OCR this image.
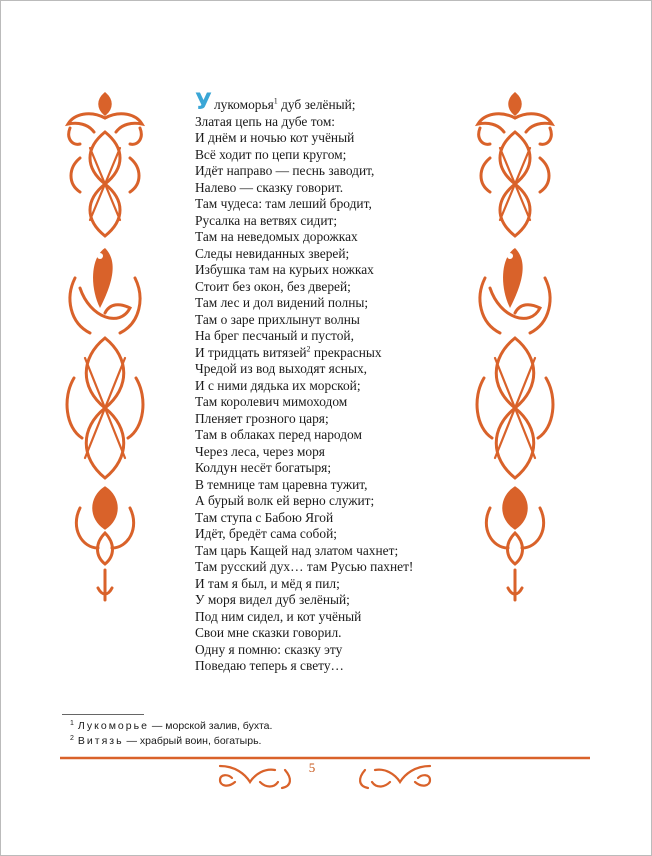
Улукоморья$^1$ дуб зелёный;
Златая цепь на дубе том:
И днём и ночью кот учёный
Всё ходит по цепи кругом;
Идёт направо — песнь заводит,
Налево — сказку говорит.
Там чудеса: там леший бродит,
Русалка на ветвях сидит;
Там на неведомых дорожках
Следы невиданных зверей;
Избушка там на курьих ножках
Стоит без окон, без дверей;
Там лес и дол видений полны;
Там о заре прихлынут волны
На брег песчаный и пустой,
И тридцать витязей$^2$ прекрасных
Чредой из вод выходят ясных,
И с ними дядька их морской;
Там королевич мимоходом
Пленяет грозного царя;
Там в облаках перед народом
Через леса, через моря
Колдун несёт богатыря;
В темнице там царевна тужит,
А бурый волк ей верно служит;
Там ступа с Бабою Ягой
Идёт, бредёт сама собой;
Там царь Кащей над златом чахнет;
Там русский дух… там Русью пахнет!
И там я был, и мёд я пил;
У моря видел дуб зелёный;
Под ним сидел, и кот учёный
Свои мне сказки говорил.
Одну я помню: сказку эту
Поведаю теперь я свету…
$^1$ Лукоморье — морской залив, бухта.
$^2$ Витязь — храбрый воин, богатырь.
5
